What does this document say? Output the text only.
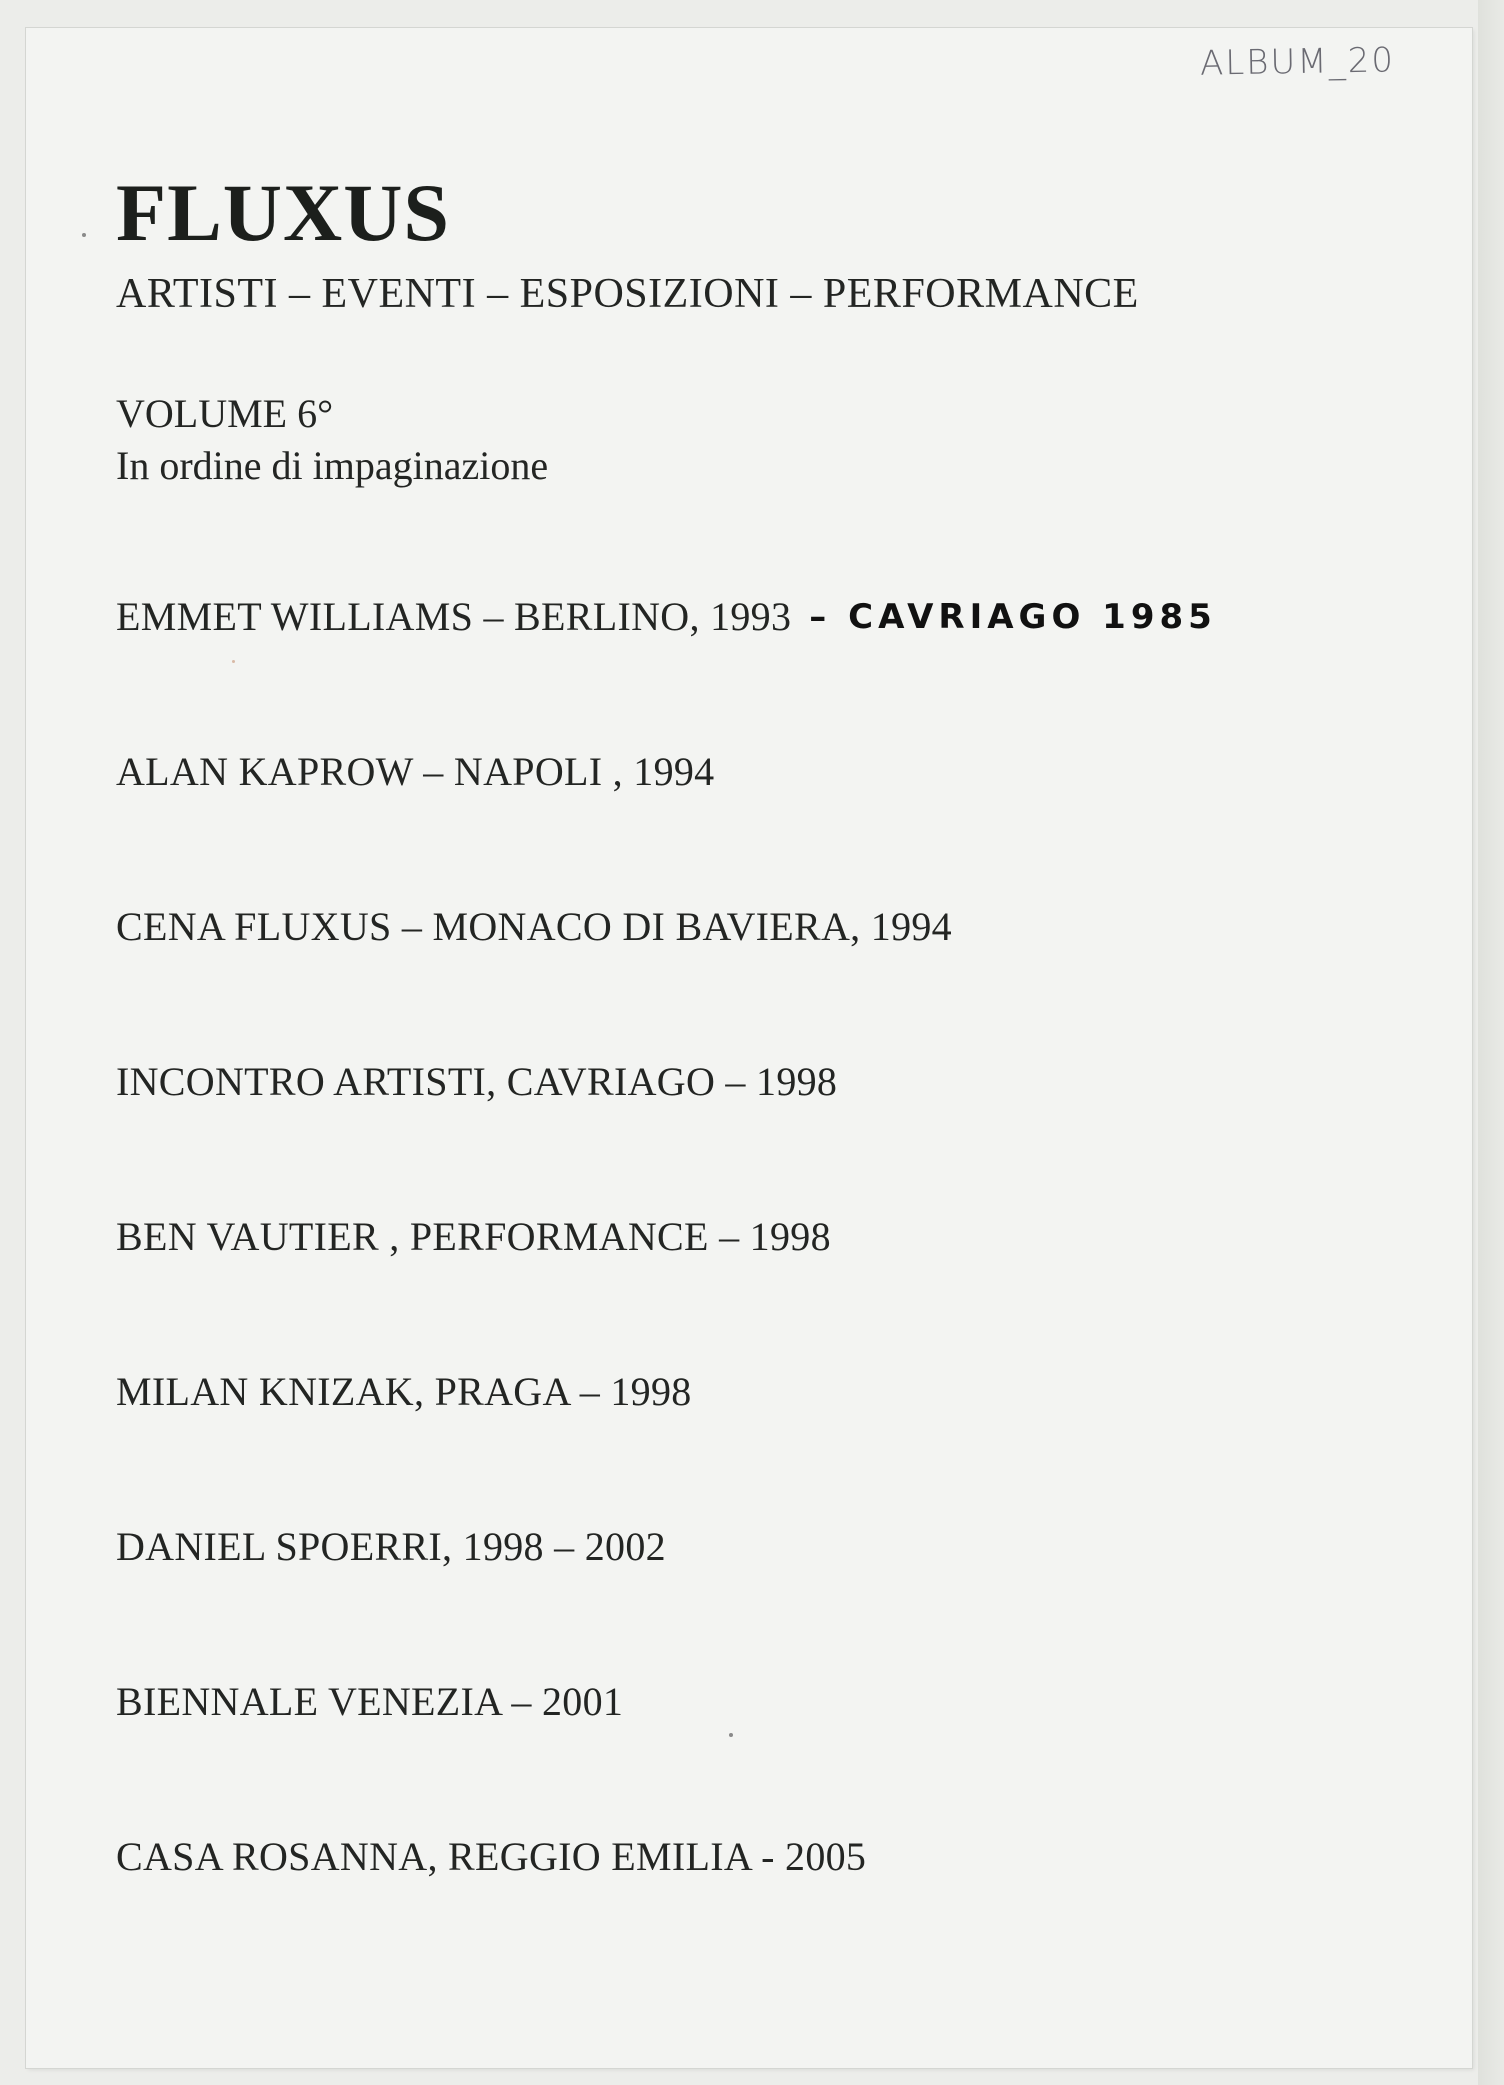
ALBUM_20
FLUXUS
ARTISTI – EVENTI – ESPOSIZIONI – PERFORMANCE
VOLUME 6°
In ordine di impaginazione
EMMET WILLIAMS – BERLINO, 1993 – CAVRIAGO 1985
ALAN KAPROW – NAPOLI , 1994
CENA FLUXUS – MONACO DI BAVIERA, 1994
INCONTRO ARTISTI, CAVRIAGO – 1998
BEN VAUTIER , PERFORMANCE – 1998
MILAN KNIZAK, PRAGA – 1998
DANIEL SPOERRI, 1998 – 2002
BIENNALE VENEZIA – 2001
CASA ROSANNA, REGGIO EMILIA - 2005
